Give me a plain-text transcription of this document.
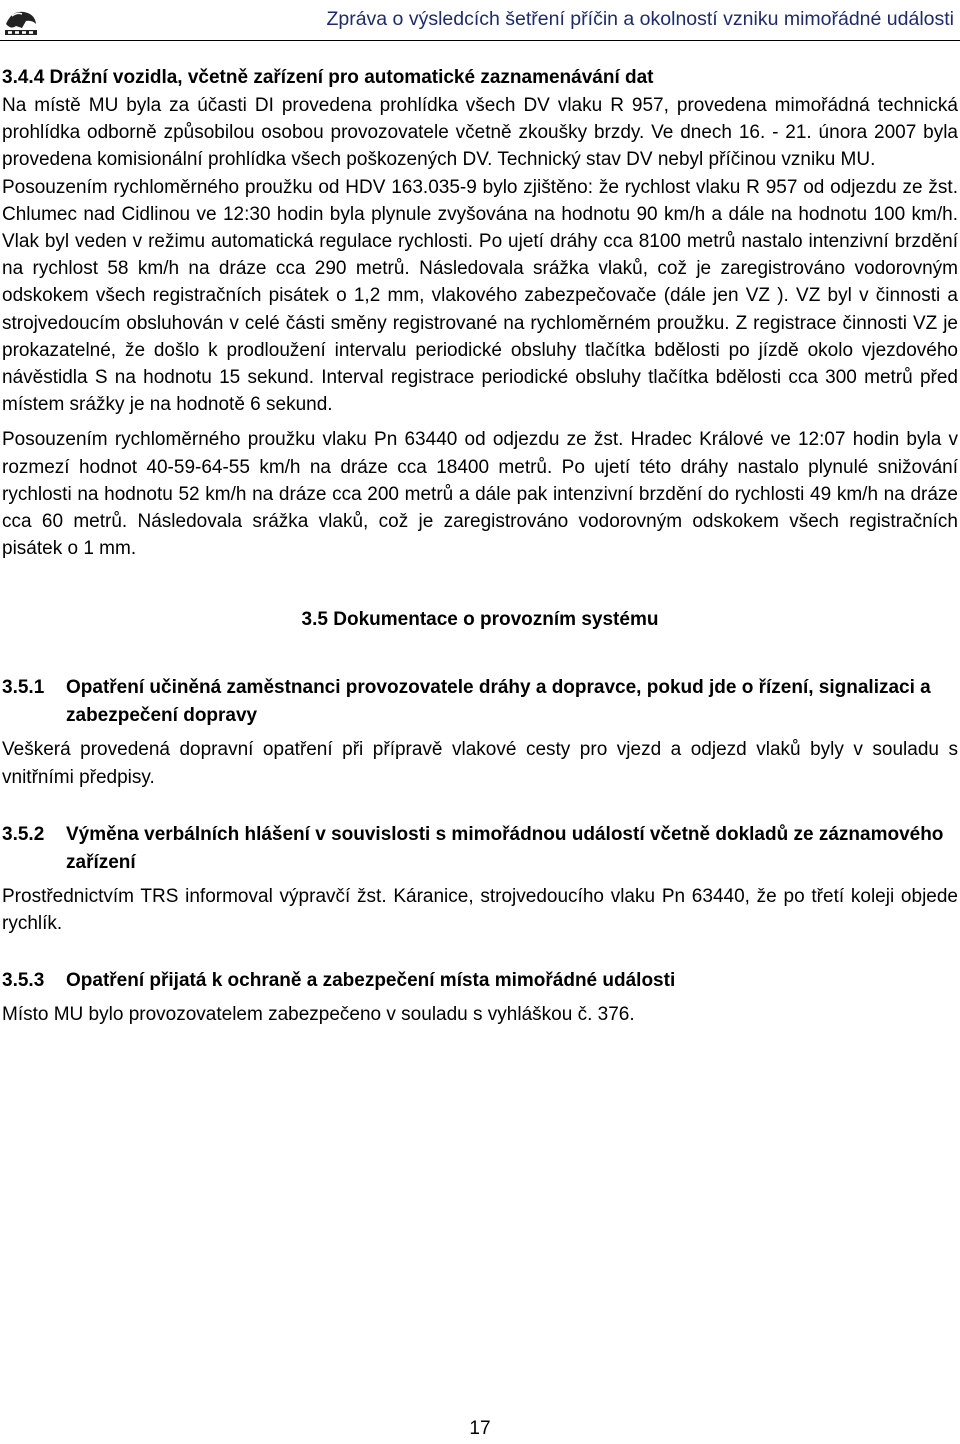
Zpráva o výsledcích šetření příčin a okolností vzniku mimořádné události
3.4.4 Drážní vozidla, včetně zařízení pro automatické zaznamenávání dat

Na místě MU byla za účasti DI provedena prohlídka všech DV vlaku R 957, provedena mimořádná technická prohlídka odborně způsobilou osobou provozovatele včetně zkoušky brzdy. Ve dnech 16. - 21. února 2007 byla provedena komisionální prohlídka všech poškozených DV. Technický stav DV nebyl příčinou vzniku MU.

Posouzením rychloměrného proužku od HDV 163.035-9 bylo zjištěno: že rychlost vlaku R 957 od odjezdu ze žst. Chlumec nad Cidlinou ve 12:30 hodin byla plynule zvyšována na hodnotu 90 km/h a dále na hodnotu 100 km/h. Vlak byl veden v režimu automatická regulace rychlosti. Po ujetí dráhy cca 8100 metrů nastalo intenzivní brzdění na rychlost 58 km/h na dráze cca 290 metrů. Následovala srážka vlaků, což je zaregistrováno vodorovným odskokem všech registračních pisátek o 1,2 mm, vlakového zabezpečovače (dále jen VZ ). VZ byl v činnosti a strojvedoucím obsluhován v celé části směny registrované na rychloměrném proužku. Z registrace činnosti VZ je prokazatelné, že došlo k prodloužení intervalu periodické obsluhy tlačítka bdělosti po jízdě okolo vjezdového návěstidla S na hodnotu 15 sekund. Interval registrace periodické obsluhy tlačítka bdělosti cca 300 metrů před místem srážky je na hodnotě 6 sekund.

Posouzením rychloměrného proužku vlaku Pn 63440 od odjezdu ze žst. Hradec Králové ve 12:07 hodin byla v rozmezí hodnot 40-59-64-55 km/h na dráze cca 18400 metrů. Po ujetí této dráhy nastalo plynulé snižování rychlosti na hodnotu 52 km/h na dráze cca 200 metrů a dále pak intenzivní brzdění do rychlosti 49 km/h na dráze cca 60 metrů. Následovala srážka vlaků, což je zaregistrováno vodorovným odskokem všech registračních pisátek o 1 mm.

3.5 Dokumentace o provozním systému
3.5.1	Opatření učiněná zaměstnanci provozovatele dráhy a dopravce, pokud jde o řízení, signalizaci a zabezpečení dopravy

Veškerá provedená dopravní opatření při přípravě vlakové cesty pro vjezd a odjezd vlaků byly v souladu s vnitřními předpisy.

3.5.2	Výměna verbálních hlášení v souvislosti s mimořádnou událostí včetně dokladů ze záznamového zařízení

Prostřednictvím TRS informoval výpravčí žst. Káranice, strojvedoucího vlaku Pn 63440, že po třetí koleji objede rychlík.

3.5.3	Opatření přijatá k ochraně a zabezpečení místa mimořádné události

Místo MU bylo provozovatelem zabezpečeno v souladu s vyhláškou č. 376.

17
